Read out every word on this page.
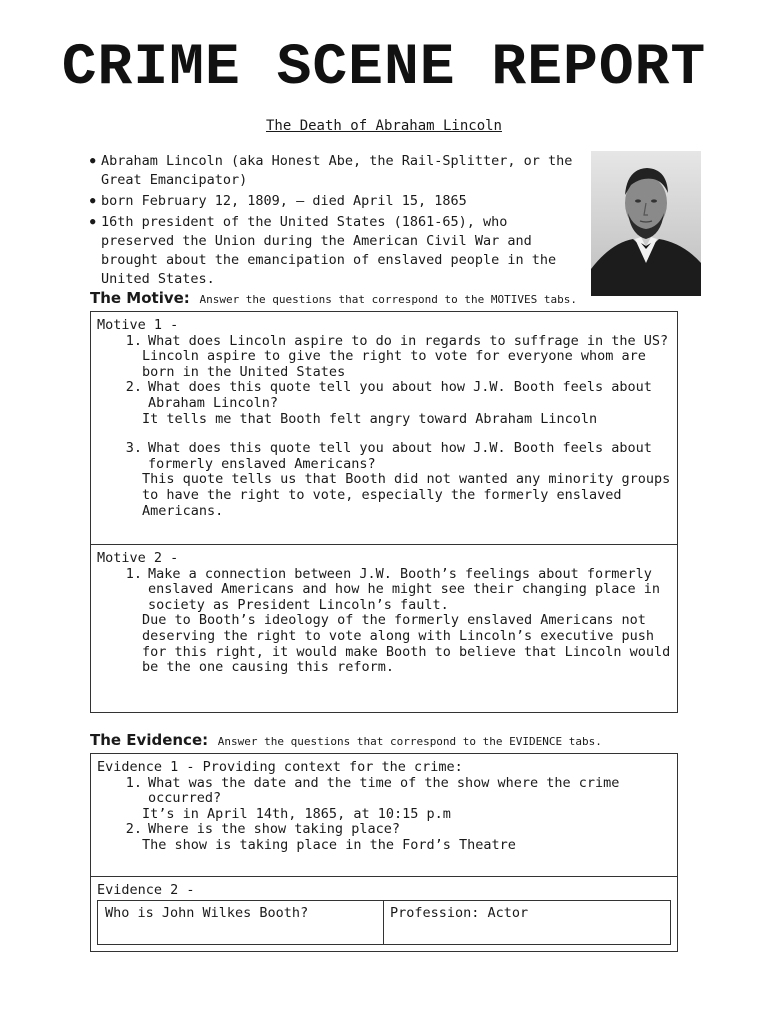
CRIME SCENE REPORT
The Death of Abraham Lincoln
● Abraham Lincoln (aka Honest Abe, the Rail-Splitter, or the Great Emancipator)
● born February 12, 1809, — died April 15, 1865
● 16th president of the United States (1861-65), who preserved the Union during the American Civil War and brought about the emancipation of enslaved people in the United States.
The Motive: Answer the questions that correspond to the MOTIVES tabs.
Motive 1 -
1. What does Lincoln aspire to do in regards to suffrage in the US?
Lincoln aspire to give the right to vote for everyone whom are born in the United States
2. What does this quote tell you about how J.W. Booth feels about Abraham Lincoln?
It tells me that Booth felt angry toward Abraham Lincoln
3. What does this quote tell you about how J.W. Booth feels about formerly enslaved Americans?
This quote tells us that Booth did not wanted any minority groups to have the right to vote, especially the formerly enslaved Americans.
Motive 2 -
1. Make a connection between J.W. Booth’s feelings about formerly enslaved Americans and how he might see their changing place in society as President Lincoln’s fault.
Due to Booth’s ideology of the formerly enslaved Americans not deserving the right to vote along with Lincoln’s executive push for this right, it would make Booth to believe that Lincoln would be the one causing this reform.
The Evidence: Answer the questions that correspond to the EVIDENCE tabs.
Evidence 1 - Providing context for the crime:
1. What was the date and the time of the show where the crime occurred?
It’s in April 14th, 1865, at 10:15 p.m
2. Where is the show taking place?
The show is taking place in the Ford’s Theatre
Evidence 2 -
Who is John Wilkes Booth?	Profession: Actor
